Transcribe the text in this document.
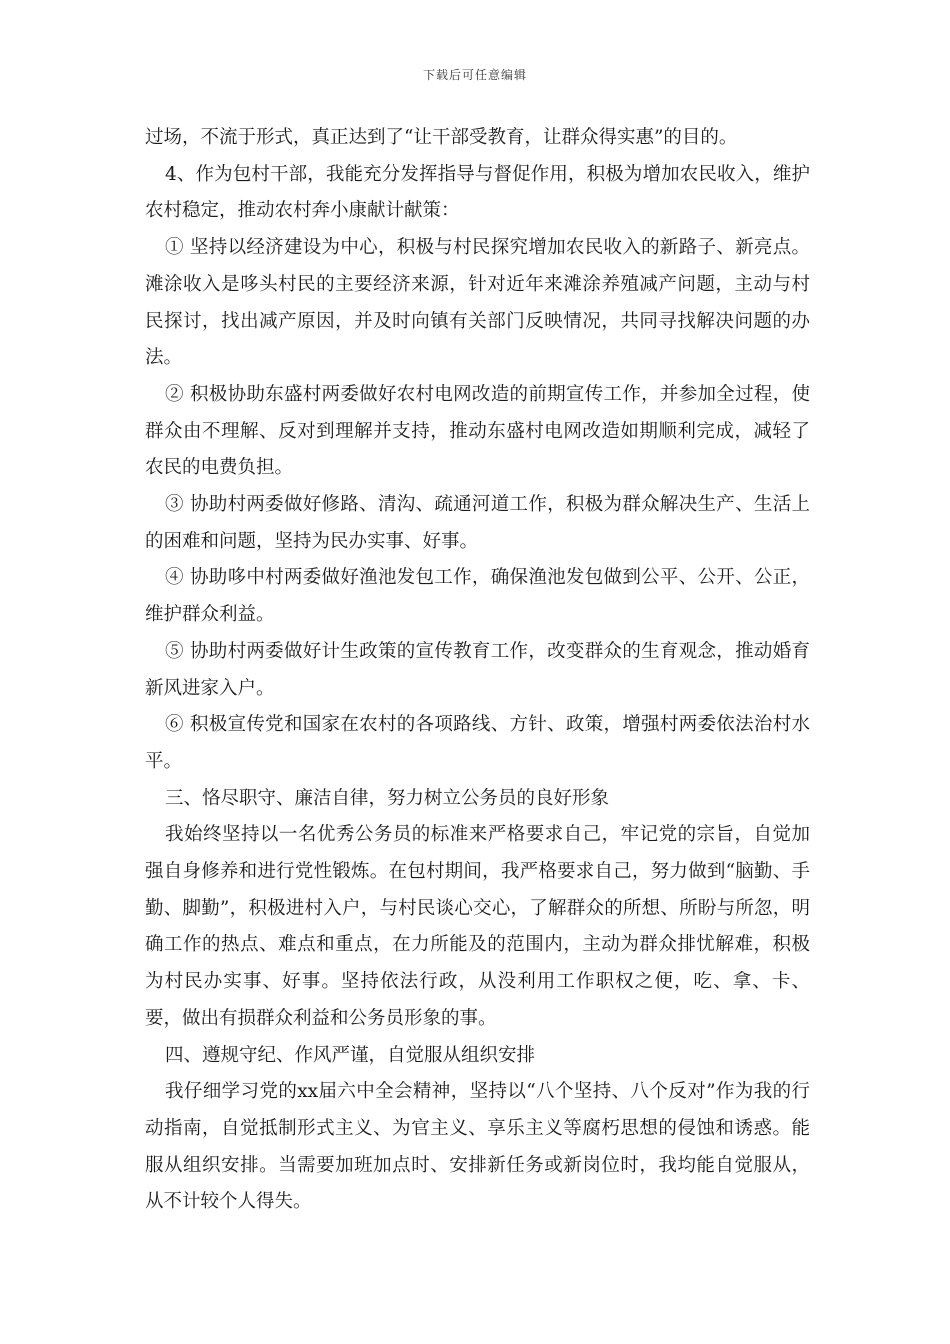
下载后可任意编辑

过场，不流于形式，真正达到了“让干部受教育，让群众得实惠”的目的。

4、作为包村干部，我能充分发挥指导与督促作用，积极为增加农民收入，维护农村稳定，推动农村奔小康献计献策：

① 坚持以经济建设为中心，积极与村民探究增加农民收入的新路子、新亮点。滩涂收入是哆头村民的主要经济来源，针对近年来滩涂养殖减产问题，主动与村民探讨，找出减产原因，并及时向镇有关部门反映情况，共同寻找解决问题的办法。

② 积极协助东盛村两委做好农村电网改造的前期宣传工作，并参加全过程，使群众由不理解、反对到理解并支持，推动东盛村电网改造如期顺利完成，减轻了农民的电费负担。

③ 协助村两委做好修路、清沟、疏通河道工作，积极为群众解决生产、生活上的困难和问题，坚持为民办实事、好事。

④ 协助哆中村两委做好渔池发包工作，确保渔池发包做到公平、公开、公正，维护群众利益。

⑤ 协助村两委做好计生政策的宣传教育工作，改变群众的生育观念，推动婚育新风进家入户。

⑥ 积极宣传党和国家在农村的各项路线、方针、政策，增强村两委依法治村水平。

三、恪尽职守、廉洁自律，努力树立公务员的良好形象

我始终坚持以一名优秀公务员的标准来严格要求自己，牢记党的宗旨，自觉加强自身修养和进行党性锻炼。在包村期间，我严格要求自己，努力做到“脑勤、手勤、脚勤”，积极进村入户，与村民谈心交心，了解群众的所想、所盼与所忽，明确工作的热点、难点和重点，在力所能及的范围内，主动为群众排忧解难，积极为村民办实事、好事。坚持依法行政，从没利用工作职权之便，吃、拿、卡、要，做出有损群众利益和公务员形象的事。

四、遵规守纪、作风严谨，自觉服从组织安排

我仔细学习党的xx届六中全会精神，坚持以“八个坚持、八个反对”作为我的行动指南，自觉抵制形式主义、为官主义、享乐主义等腐朽思想的侵蚀和诱惑。能服从组织安排。当需要加班加点时、安排新任务或新岗位时，我均能自觉服从，从不计较个人得失。
